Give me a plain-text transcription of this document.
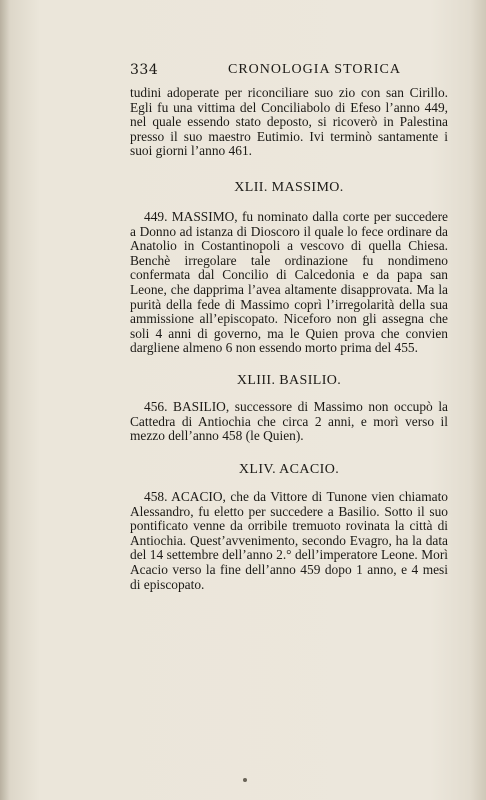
334	CRONOLOGIA STORICA
tudini adoperate per riconciliare suo zio con san Cirillo. Egli fu una vittima del Conciliabolo di Efeso l’anno 449, nel quale essendo stato deposto, si ricoverò in Palestina presso il suo maestro Eutimio. Ivi terminò santamente i suoi giorni l’anno 461.
XLII. MASSIMO.
449. MASSIMO, fu nominato dalla corte per succedere a Donno ad istanza di Dioscoro il quale lo fece ordinare da Anatolio in Costantinopoli a vescovo di quella Chiesa. Benchè irregolare tale ordinazione fu nondimeno confermata dal Concilio di Calcedonia e da papa san Leone, che dapprima l’avea altamente disapprovata. Ma la purità della fede di Massimo coprì l’irregolarità della sua ammissione all’episcopato. Niceforo non gli assegna che soli 4 anni di governo, ma le Quien prova che convien dargliene almeno 6 non essendo morto prima del 455.
XLIII. BASILIO.
456. BASILIO, successore di Massimo non occupò la Cattedra di Antiochia che circa 2 anni, e morì verso il mezzo dell’anno 458 (le Quien).
XLIV. ACACIO.
458. ACACIO, che da Vittore di Tunone vien chiamato Alessandro, fu eletto per succedere a Basilio. Sotto il suo pontificato venne da orribile tremuoto rovinata la città di Antiochia. Quest’avvenimento, secondo Evagro, ha la data del 14 settembre dell’anno 2.° dell’imperatore Leone. Morì Acacio verso la fine dell’anno 459 dopo 1 anno, e 4 mesi di episcopato.
